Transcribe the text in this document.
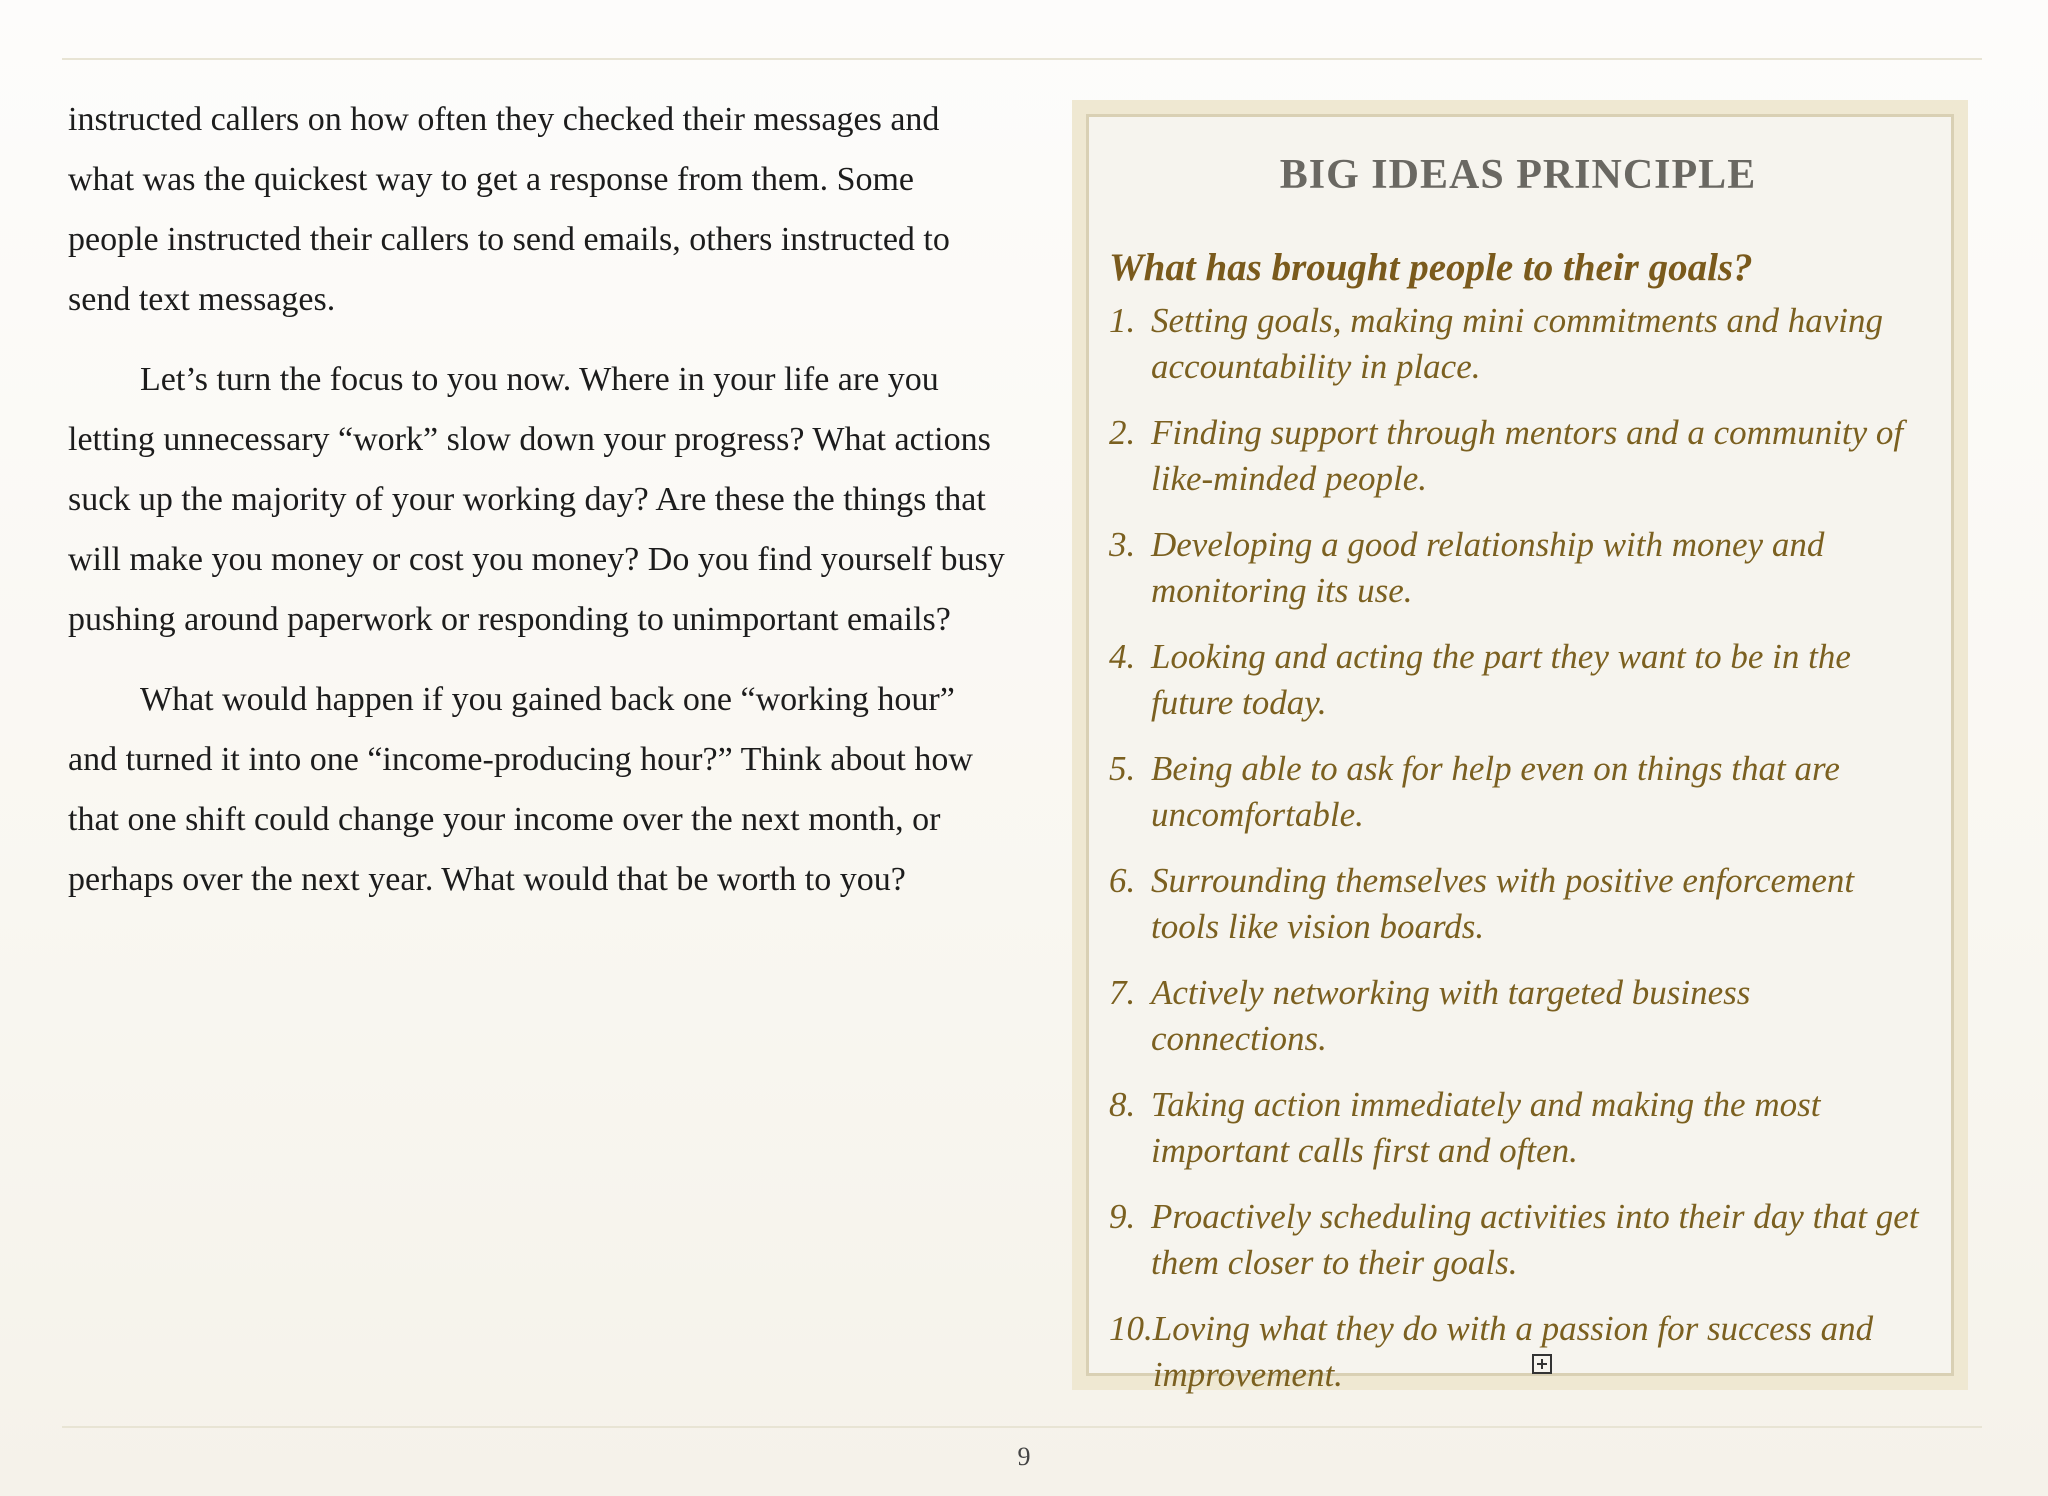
instructed callers on how often they checked their messages and what was the quickest way to get a response from them. Some people instructed their callers to send emails, others instructed to send text messages.

Let’s turn the focus to you now. Where in your life are you letting unnecessary “work” slow down your progress? What actions suck up the majority of your working day? Are these the things that will make you money or cost you money? Do you find yourself busy pushing around paperwork or responding to unimportant emails?

What would happen if you gained back one “working hour” and turned it into one “income-producing hour?” Think about how that one shift could change your income over the next month, or perhaps over the next year. What would that be worth to you?

BIG IDEAS PRINCIPLE
What has brought people to their goals?
1. Setting goals, making mini commitments and having accountability in place.
2. Finding support through mentors and a community of like-minded people.
3. Developing a good relationship with money and monitoring its use.
4. Looking and acting the part they want to be in the future today.
5. Being able to ask for help even on things that are uncomfortable.
6. Surrounding themselves with positive enforcement tools like vision boards.
7. Actively networking with targeted business connections.
8. Taking action immediately and making the most important calls first and often.
9. Proactively scheduling activities into their day that get them closer to their goals.
10. Loving what they do with a passion for success and improvement.
9
